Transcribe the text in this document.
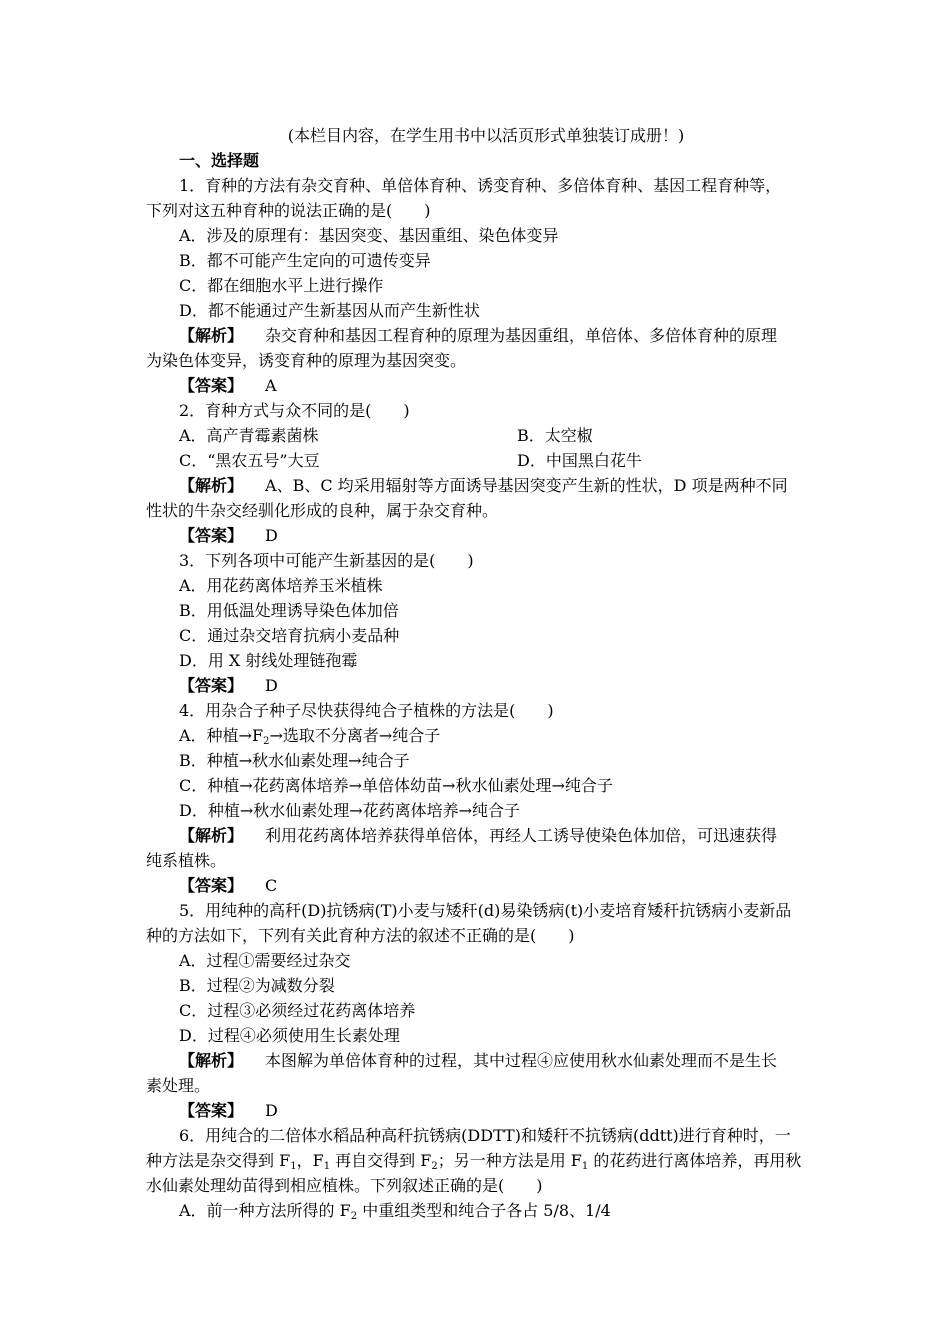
(本栏目内容，在学生用书中以活页形式单独装订成册！)
一、选择题
1．育种的方法有杂交育种、单倍体育种、诱变育种、多倍体育种、基因工程育种等，
下列对这五种育种的说法正确的是(　　)
A．涉及的原理有：基因突变、基因重组、染色体变异
B．都不可能产生定向的可遗传变异
C．都在细胞水平上进行操作
D．都不能通过产生新基因从而产生新性状
【解析】 杂交育种和基因工程育种的原理为基因重组，单倍体、多倍体育种的原理
为染色体变异，诱变育种的原理为基因突变。
【答案】 A
2．育种方式与众不同的是(　　)
A．高产青霉素菌株	B．太空椒
C．“黑农五号”大豆	D．中国黑白花牛
【解析】 A、B、C 均采用辐射等方面诱导基因突变产生新的性状，D 项是两种不同
性状的牛杂交经驯化形成的良种，属于杂交育种。
【答案】 D
3．下列各项中可能产生新基因的是(　　)
A．用花药离体培养玉米植株
B．用低温处理诱导染色体加倍
C．通过杂交培育抗病小麦品种
D．用 X 射线处理链孢霉
【答案】 D
4．用杂合子种子尽快获得纯合子植株的方法是(　　)
A．种植$\to F_2\to$选取不分离者→纯合子
B．种植→秋水仙素处理→纯合子
C．种植→花药离体培养→单倍体幼苗→秋水仙素处理→纯合子
D．种植→秋水仙素处理→花药离体培养→纯合子
【解析】 利用花药离体培养获得单倍体，再经人工诱导使染色体加倍，可迅速获得
纯系植株。
【答案】 C
5．用纯种的高秆(D)抗锈病(T)小麦与矮秆(d)易染锈病(t)小麦培育矮秆抗锈病小麦新品
种的方法如下，下列有关此育种方法的叙述不正确的是(　　)
A．过程①需要经过杂交
B．过程②为减数分裂
C．过程③必须经过花药离体培养
D．过程④必须使用生长素处理
【解析】 本图解为单倍体育种的过程，其中过程④应使用秋水仙素处理而不是生长
素处理。
【答案】 D
6．用纯合的二倍体水稻品种高秆抗锈病(DDTT)和矮秆不抗锈病(ddtt)进行育种时，一
种方法是杂交得到 $F_1$，$F_1$ 再自交得到 $F_2$；另一种方法是用 $F_1$ 的花药进行离体培养，再用秋
水仙素处理幼苗得到相应植株。下列叙述正确的是(　　)
A．前一种方法所得的 $F_2$ 中重组类型和纯合子各占 5/8、1/4
